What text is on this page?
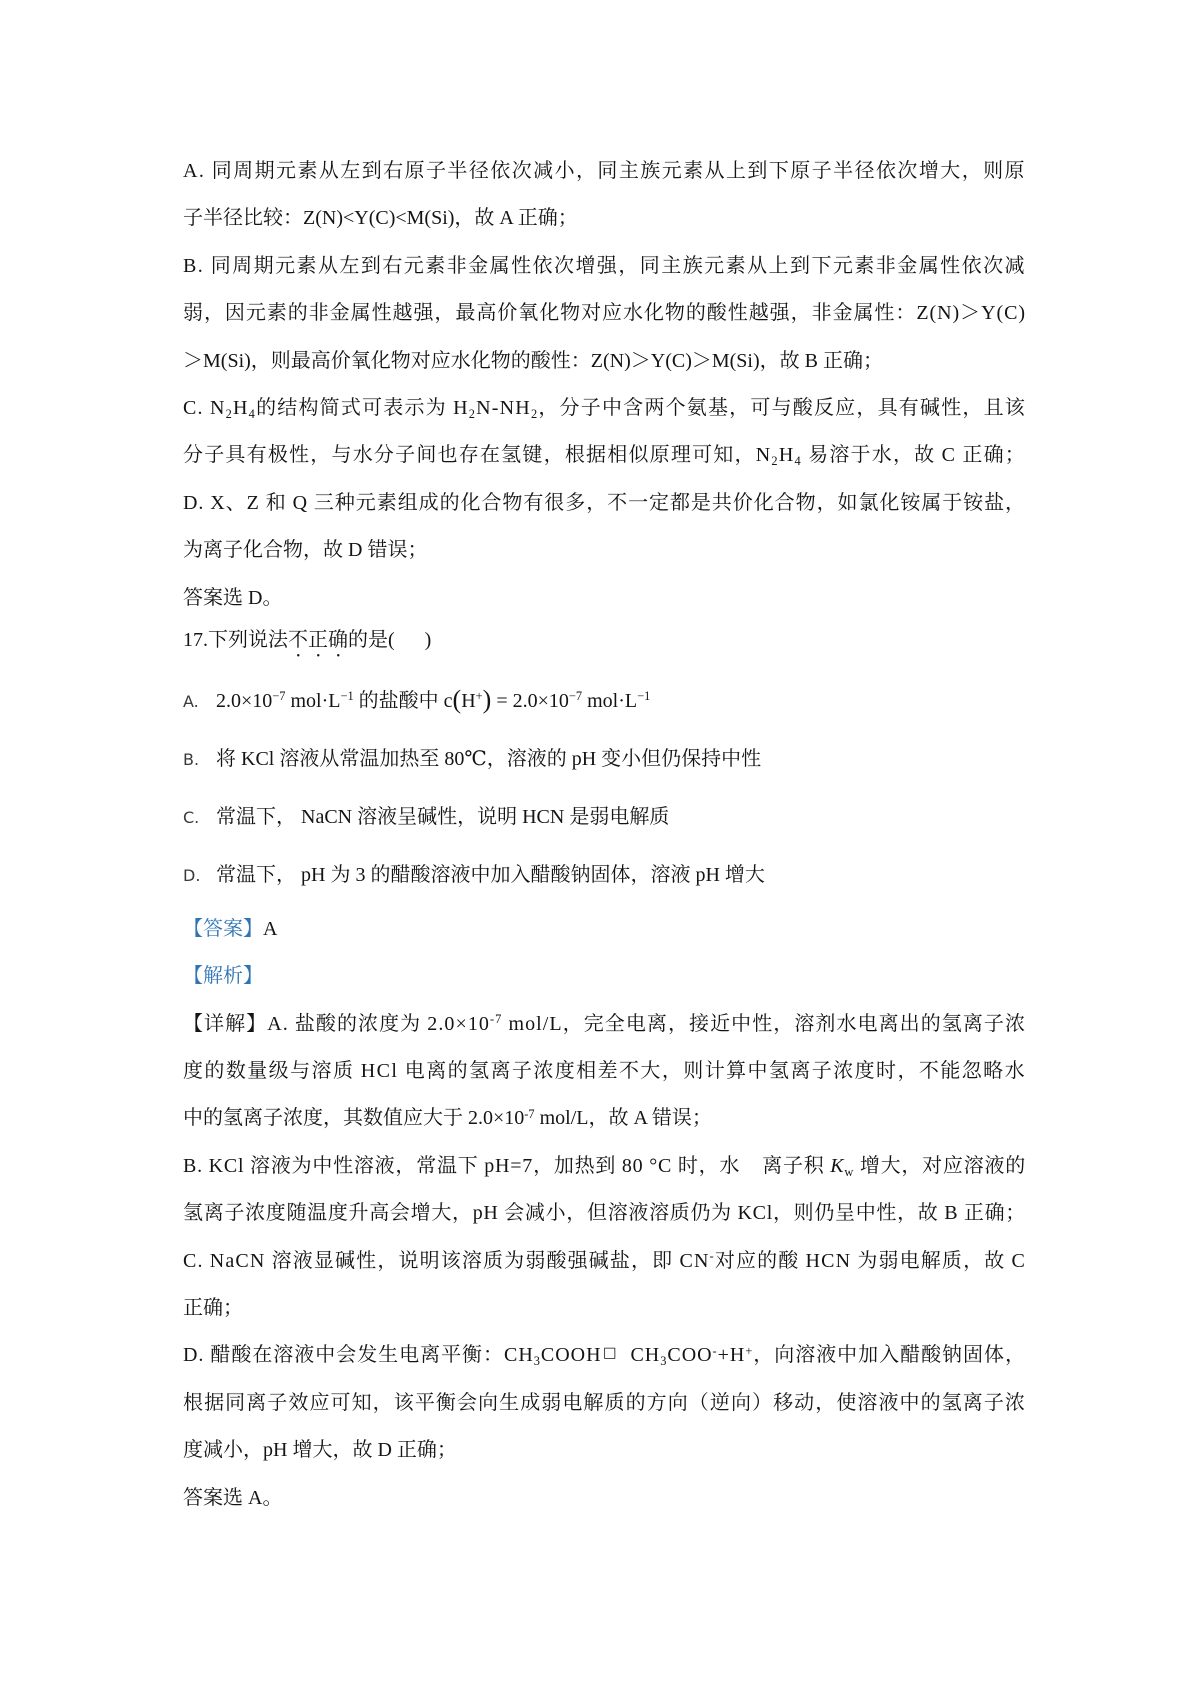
A. 同周期元素从左到右原子半径依次减小，同主族元素从上到下原子半径依次增大，则原
子半径比较：Z(N)<Y(C)<M(Si)，故 A 正确；
B. 同周期元素从左到右元素非金属性依次增强，同主族元素从上到下元素非金属性依次减
弱，因元素的非金属性越强，最高价氧化物对应水化物的酸性越强，非金属性：Z(N)＞Y(C)
＞M(Si)，则最高价氧化物对应水化物的酸性：Z(N)＞Y(C)＞M(Si)，故 B 正确；
C. N2H4的结构简式可表示为 H2N-NH2，分子中含两个氨基，可与酸反应，具有碱性，且该
分子具有极性，与水分子间也存在氢键，根据相似原理可知，N2H4 易溶于水，故 C 正确；
D. X、Z 和 Q 三种元素组成的化合物有很多，不一定都是共价化合物，如氯化铵属于铵盐，
为离子化合物，故 D 错误；
答案选 D。
17.下列说法不正确的是(      )
A. $2.0\times 10^{-7}$ $mol\cdot L^{-1}$ 的盐酸中 $c(H^+) = 2.0\times 10^{-7}$ $mol\cdot L^{-1}$
B. 将 KCl 溶液从常温加热至 80℃，溶液的 pH 变小但仍保持中性
C. 常温下， NaCN 溶液呈碱性，说明 HCN 是弱电解质
D. 常温下， pH 为 3 的醋酸溶液中加入醋酸钠固体，溶液 pH 增大
【答案】A
【解析】
【详解】A. 盐酸的浓度为 $2.0\times 10^{-7}$ mol/L，完全电离，接近中性，溶剂水电离出的氢离子浓
度的数量级与溶质 HCl 电离的氢离子浓度相差不大，则计算中氢离子浓度时，不能忽略水
中的氢离子浓度，其数值应大于 $2.0\times 10^{-7}$ mol/L，故 A 错误；
B. KCl 溶液为中性溶液，常温下 pH=7，加热到 80 °C 时，水 离子积 Kw 增大，对应溶液的
氢离子浓度随温度升高会增大，pH 会减小，但溶液溶质仍为 KCl，则仍呈中性，故 B 正确；
C. NaCN 溶液显碱性，说明该溶质为弱酸强碱盐，即 CN-对应的酸 HCN 为弱电解质，故 C
正确；
D. 醋酸在溶液中会发生电离平衡：CH3COOH□ CH3COO-+H+，向溶液中加入醋酸钠固体，
根据同离子效应可知，该平衡会向生成弱电解质的方向（逆向）移动，使溶液中的氢离子浓
度减小，pH 增大，故 D 正确；
答案选 A。
